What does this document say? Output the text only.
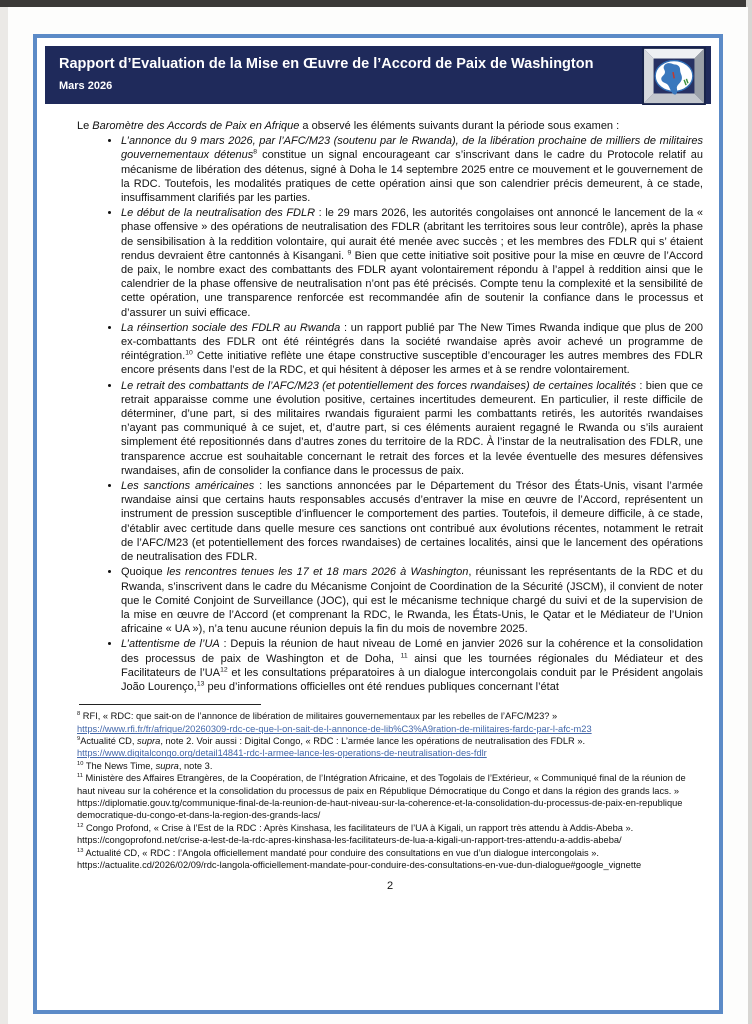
Rapport d’Evaluation de la Mise en Œuvre de l’Accord de Paix de Washington
Mars 2026

Le Baromètre des Accords de Paix en Afrique a observé les éléments suivants durant la période sous examen :

• L’annonce du 9 mars 2026, par l’AFC/M23 (soutenu par le Rwanda), de la libération prochaine de milliers de militaires gouvernementaux détenus$^8$ constitue un signal encourageant car s’inscrivant dans le cadre du Protocole relatif au mécanisme de libération des détenus, signé à Doha le 14 septembre 2025 entre ce mouvement et le gouvernement de la RDC. Toutefois, les modalités pratiques de cette opération ainsi que son calendrier précis demeurent, à ce stade, insuffisamment clarifiés par les parties.
• Le début de la neutralisation des FDLR : le 29 mars 2026, les autorités congolaises ont annoncé le lancement de la « phase offensive » des opérations de neutralisation des FDLR (abritant les territoires sous leur contrôle), après la phase de sensibilisation à la reddition volontaire, qui aurait été menée avec succès ; et les membres des FDLR qui s’ étaient rendus devraient être cantonnés à Kisangani. $^9$ Bien que cette initiative soit positive pour la mise en œuvre de l’Accord de paix, le nombre exact des combattants des FDLR ayant volontairement répondu à l’appel à reddition ainsi que le calendrier de la phase offensive de neutralisation n’ont pas été précisés. Compte tenu la complexité et la sensibilité de cette opération, une transparence renforcée est recommandée afin de soutenir la confiance dans le processus et d’assurer un suivi efficace.
• La réinsertion sociale des FDLR au Rwanda : un rapport publié par The New Times Rwanda indique que plus de 200 ex-combattants des FDLR ont été réintégrés dans la société rwandaise après avoir achevé un programme de réintégration.$^{10}$ Cette initiative reflète une étape constructive susceptible d’encourager les autres membres des FDLR encore présents dans l’est de la RDC, et qui hésitent à déposer les armes et à se rendre volontairement.
• Le retrait des combattants de l’AFC/M23 (et potentiellement des forces rwandaises) de certaines localités : bien que ce retrait apparaisse comme une évolution positive, certaines incertitudes demeurent. En particulier, il reste difficile de déterminer, d’une part, si des militaires rwandais figuraient parmi les combattants retirés, les autorités rwandaises n’ayant pas communiqué à ce sujet, et, d’autre part, si ces éléments auraient regagné le Rwanda ou s’ils auraient simplement été repositionnés dans d’autres zones du territoire de la RDC. À l’instar de la neutralisation des FDLR, une transparence accrue est souhaitable concernant le retrait des forces et la levée éventuelle des mesures défensives rwandaises, afin de consolider la confiance dans le processus de paix.
• Les sanctions américaines : les sanctions annoncées par le Département du Trésor des États-Unis, visant l’armée rwandaise ainsi que certains hauts responsables accusés d’entraver la mise en œuvre de l’Accord, représentent un instrument de pression susceptible d’influencer le comportement des parties. Toutefois, il demeure difficile, à ce stade, d’établir avec certitude dans quelle mesure ces sanctions ont contribué aux évolutions récentes, notamment le retrait de l’AFC/M23 (et potentiellement des forces rwandaises) de certaines localités, ainsi que le lancement des opérations de neutralisation des FDLR.
• Quoique les rencontres tenues les 17 et 18 mars 2026 à Washington, réunissant les représentants de la RDC et du Rwanda, s’inscrivent dans le cadre du Mécanisme Conjoint de Coordination de la Sécurité (JSCM), il convient de noter que le Comité Conjoint de Surveillance (JOC), qui est le mécanisme technique chargé du suivi et de la supervision de la mise en œuvre de l’Accord (et comprenant la RDC, le Rwanda, les États-Unis, le Qatar et le Médiateur de l’Union africaine « UA »), n’a tenu aucune réunion depuis la fin du mois de novembre 2025.
• L’attentisme de l’UA : Depuis la réunion de haut niveau de Lomé en janvier 2026 sur la cohérence et la consolidation des processus de paix de Washington et de Doha, $^{11}$ ainsi que les tournées régionales du Médiateur et des Facilitateurs de l’UA$^{12}$ et les consultations préparatoires à un dialogue intercongolais conduit par le Président angolais João Lourenço,$^{13}$ peu d’informations officielles ont été rendues publiques concernant l’état
$^8$ RFI, « RDC: que sait-on de l’annonce de libération de militaires gouvernementaux par les rebelles de l’AFC/M23? »
https://www.rfi.fr/fr/afrique/20260309-rdc-ce-que-l-on-sait-de-l-annonce-de-lib%C3%A9ration-de-militaires-fardc-par-l-afc-m23
$^9$Actualité CD, supra, note 2. Voir aussi : Digital Congo, « RDC : L’armée lance les opérations de neutralisation des FDLR ».
https://www.digitalcongo.org/detail14841-rdc-l-armee-lance-les-operations-de-neutralisation-des-fdlr
$^{10}$ The News Time, supra, note 3.
$^{11}$ Ministère des Affaires Etrangères, de la Coopération, de l’Intégration Africaine, et des Togolais de l’Extérieur, « Communiqué final de la réunion de haut niveau sur la cohérence et la consolidation du processus de paix en République Démocratique du Congo et dans la région des grands lacs. » https://diplomatie.gouv.tg/communique-final-de-la-reunion-de-haut-niveau-sur-la-coherence-et-la-consolidation-du-processus-de-paix-en-republique democratique-du-congo-et-dans-la-region-des-grands-lacs/
$^{12}$ Congo Profond, « Crise à l’Est de la RDC : Après Kinshasa, les facilitateurs de l’UA à Kigali, un rapport très attendu à Addis-Abeba ».
https://congoprofond.net/crise-a-lest-de-la-rdc-apres-kinshasa-les-facilitateurs-de-lua-a-kigali-un-rapport-tres-attendu-a-addis-abeba/
$^{13}$ Actualité CD, « RDC : l’Angola officiellement mandaté pour conduire des consultations en vue d’un dialogue intercongolais ».
https://actualite.cd/2026/02/09/rdc-langola-officiellement-mandate-pour-conduire-des-consultations-en-vue-dun-dialogue#google_vignette
2
